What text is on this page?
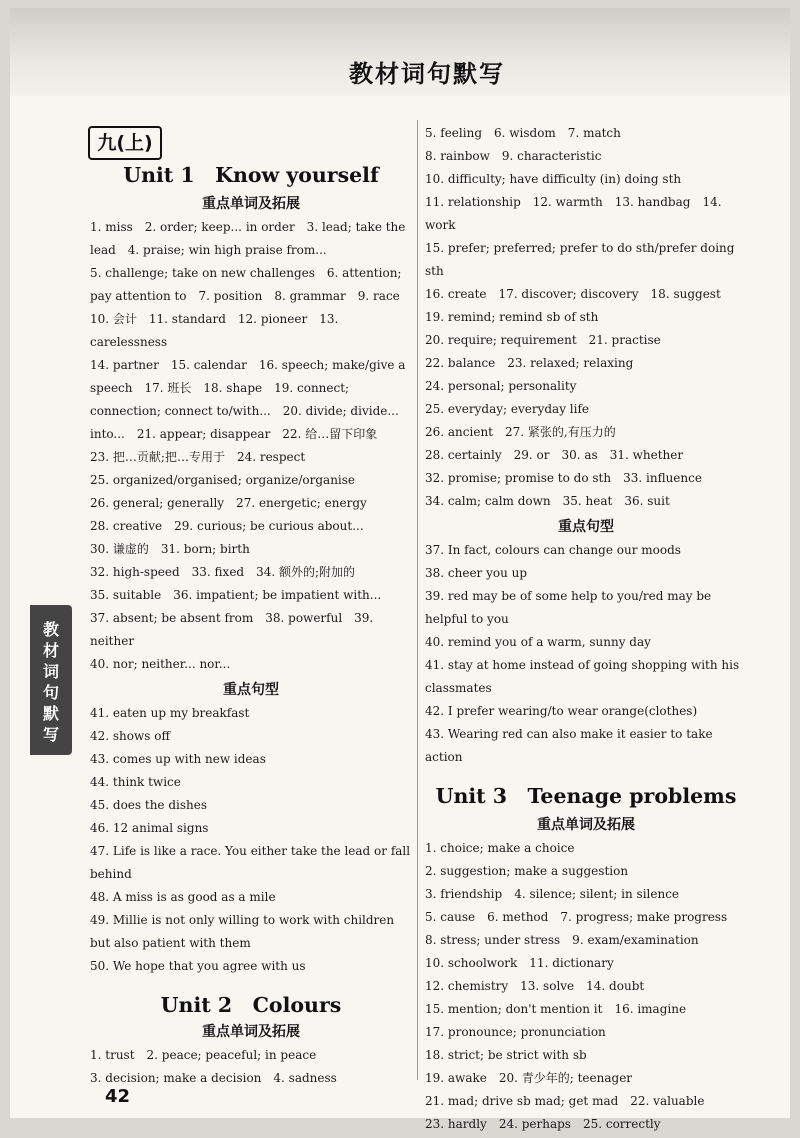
教材词句默写
九(上)
Unit 1　Know yourself
重点单词及拓展
1. miss　2. order; keep... in order　3. lead; take the lead　4. praise; win high praise from...
5. challenge; take on new challenges　6. attention; pay attention to　7. position　8. grammar　9. race
10. 会计　11. standard　12. pioneer　13. carelessness
14. partner　15. calendar　16. speech; make/give a speech　17. 班长　18. shape　19. connect; connection; connect to/with...　20. divide; divide... into...　21. appear; disappear　22. 给…留下印象
23. 把…贡献;把…专用于　24. respect
25. organized/organised; organize/organise
26. general; generally　27. energetic; energy
28. creative　29. curious; be curious about...
30. 谦虚的　31. born; birth
32. high-speed　33. fixed　34. 额外的;附加的
35. suitable　36. impatient; be impatient with...
37. absent; be absent from　38. powerful　39. neither
40. nor; neither... nor...
重点句型
41. eaten up my breakfast
42. shows off
43. comes up with new ideas
44. think twice
45. does the dishes
46. 12 animal signs
47. Life is like a race. You either take the lead or fall behind
48. A miss is as good as a mile
49. Millie is not only willing to work with children but also patient with them
50. We hope that you agree with us
Unit 2　Colours
重点单词及拓展
1. trust　2. peace; peaceful; in peace
3. decision; make a decision　4. sadness
5. feeling　6. wisdom　7. match
8. rainbow　9. characteristic
10. difficulty; have difficulty (in) doing sth
11. relationship　12. warmth　13. handbag　14. work
15. prefer; preferred; prefer to do sth/prefer doing sth
16. create　17. discover; discovery　18. suggest
19. remind; remind sb of sth
20. require; requirement　21. practise
22. balance　23. relaxed; relaxing
24. personal; personality
25. everyday; everyday life
26. ancient　27. 紧张的,有压力的
28. certainly　29. or　30. as　31. whether
32. promise; promise to do sth　33. influence
34. calm; calm down　35. heat　36. suit
重点句型
37. In fact, colours can change our moods
38. cheer you up
39. red may be of some help to you/red may be helpful to you
40. remind you of a warm, sunny day
41. stay at home instead of going shopping with his classmates
42. I prefer wearing/to wear orange(clothes)
43. Wearing red can also make it easier to take action
Unit 3　Teenage problems
重点单词及拓展
1. choice; make a choice
2. suggestion; make a suggestion
3. friendship　4. silence; silent; in silence
5. cause　6. method　7. progress; make progress
8. stress; under stress　9. exam/examination
10. schoolwork　11. dictionary
12. chemistry　13. solve　14. doubt
15. mention; don't mention it　16. imagine
17. pronounce; pronunciation
18. strict; be strict with sb
19. awake　20. 青少年的; teenager
21. mad; drive sb mad; get mad　22. valuable
23. hardly　24. perhaps　25. correctly
教材词句默写
42
